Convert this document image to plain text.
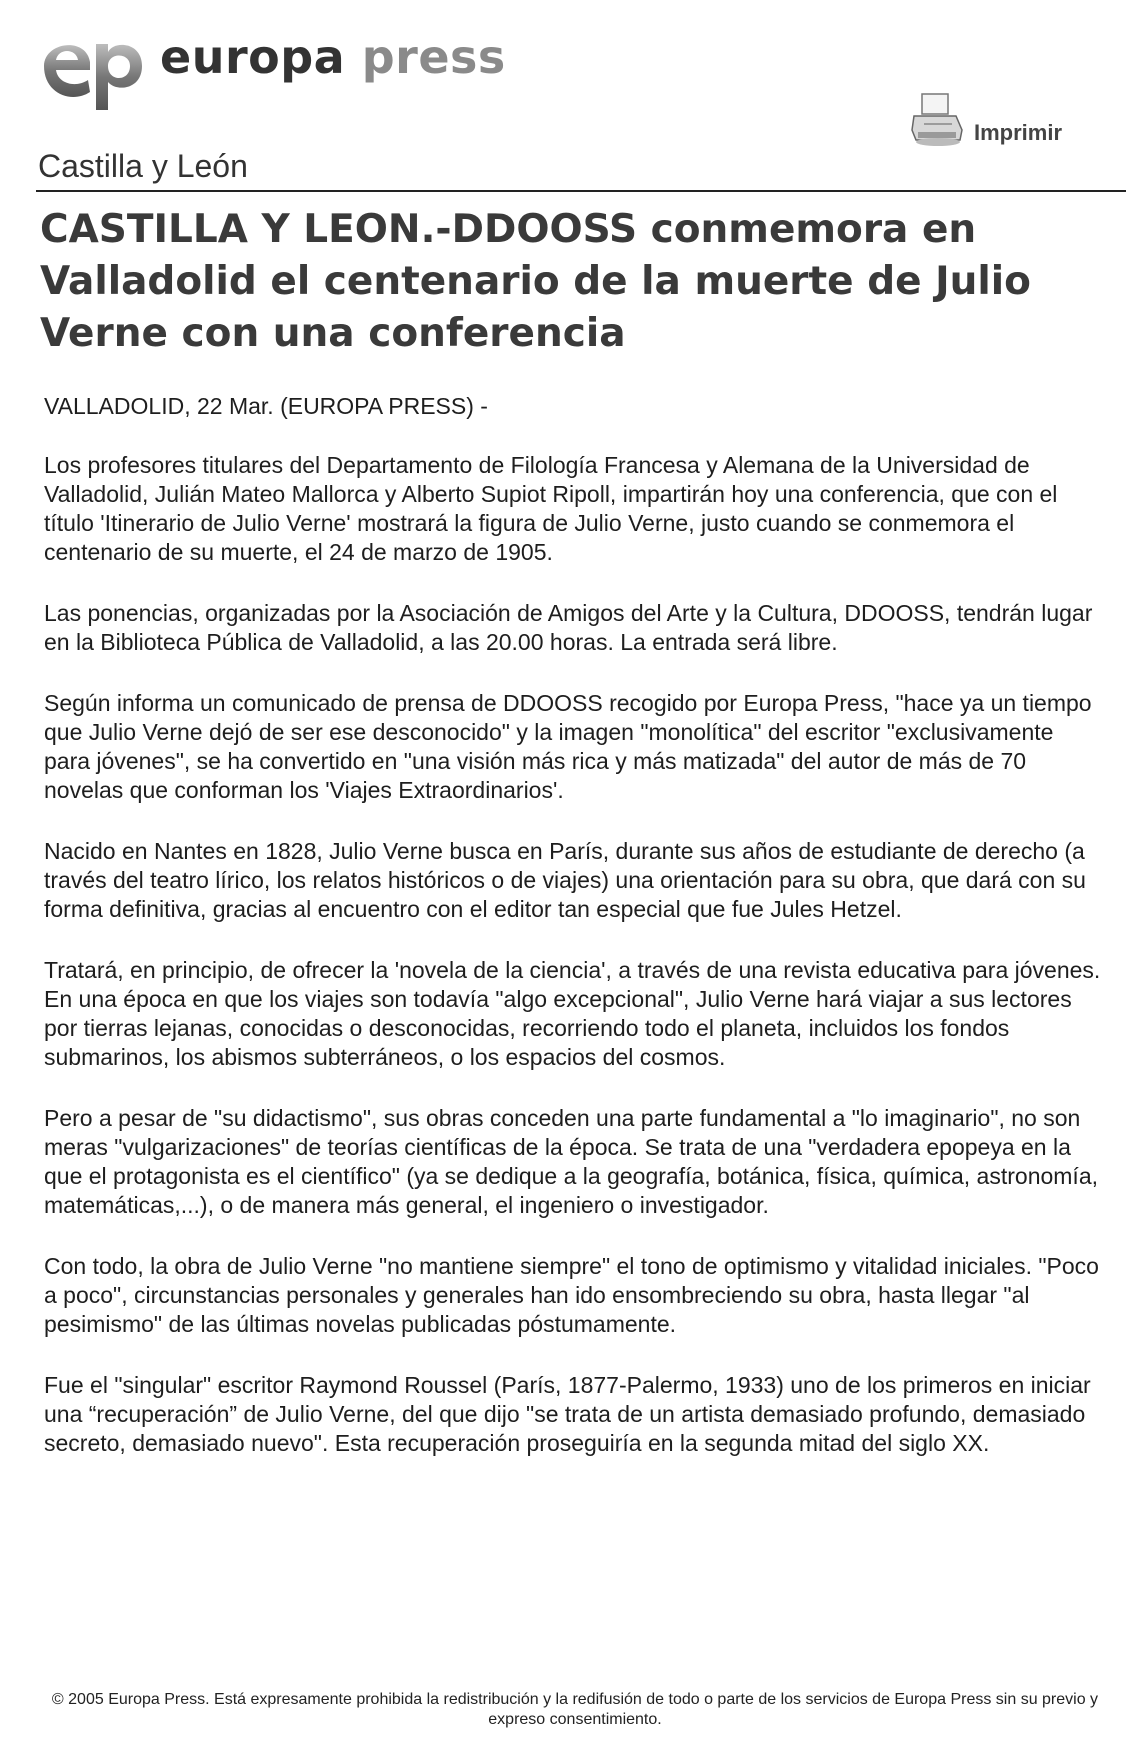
europa press
Castilla y León
Imprimir
CASTILLA Y LEON.-DDOOSS conmemora en Valladolid el centenario de la muerte de Julio Verne con una conferencia

VALLADOLID, 22 Mar. (EUROPA PRESS) -

Los profesores titulares del Departamento de Filología Francesa y Alemana de la Universidad de Valladolid, Julián Mateo Mallorca y Alberto Supiot Ripoll, impartirán hoy una conferencia, que con el título 'Itinerario de Julio Verne' mostrará la figura de Julio Verne, justo cuando se conmemora el centenario de su muerte, el 24 de marzo de 1905.

Las ponencias, organizadas por la Asociación de Amigos del Arte y la Cultura, DDOOSS, tendrán lugar en la Biblioteca Pública de Valladolid, a las 20.00 horas. La entrada será libre.

Según informa un comunicado de prensa de DDOOSS recogido por Europa Press, "hace ya un tiempo que Julio Verne dejó de ser ese desconocido" y la imagen "monolítica" del escritor "exclusivamente para jóvenes", se ha convertido en "una visión más rica y más matizada" del autor de más de 70 novelas que conforman los 'Viajes Extraordinarios'.

Nacido en Nantes en 1828, Julio Verne busca en París, durante sus años de estudiante de derecho (a través del teatro lírico, los relatos históricos o de viajes) una orientación para su obra, que dará con su forma definitiva, gracias al encuentro con el editor tan especial que fue Jules Hetzel.

Tratará, en principio, de ofrecer la 'novela de la ciencia', a través de una revista educativa para jóvenes. En una época en que los viajes son todavía "algo excepcional", Julio Verne hará viajar a sus lectores por tierras lejanas, conocidas o desconocidas, recorriendo todo el planeta, incluidos los fondos submarinos, los abismos subterráneos, o los espacios del cosmos.

Pero a pesar de "su didactismo", sus obras conceden una parte fundamental a "lo imaginario", no son meras "vulgarizaciones" de teorías científicas de la época. Se trata de una "verdadera epopeya en la que el protagonista es el científico" (ya se dedique a la geografía, botánica, física, química, astronomía, matemáticas,...), o de manera más general, el ingeniero o investigador.

Con todo, la obra de Julio Verne "no mantiene siempre" el tono de optimismo y vitalidad iniciales. "Poco a poco", circunstancias personales y generales han ido ensombreciendo su obra, hasta llegar "al pesimismo" de las últimas novelas publicadas póstumamente.

Fue el "singular" escritor Raymond Roussel (París, 1877-Palermo, 1933) uno de los primeros en iniciar una “recuperación” de Julio Verne, del que dijo "se trata de un artista demasiado profundo, demasiado secreto, demasiado nuevo". Esta recuperación proseguiría en la segunda mitad del siglo XX.

© 2005 Europa Press. Está expresamente prohibida la redistribución y la redifusión de todo o parte de los servicios de Europa Press sin su previo y expreso consentimiento.
